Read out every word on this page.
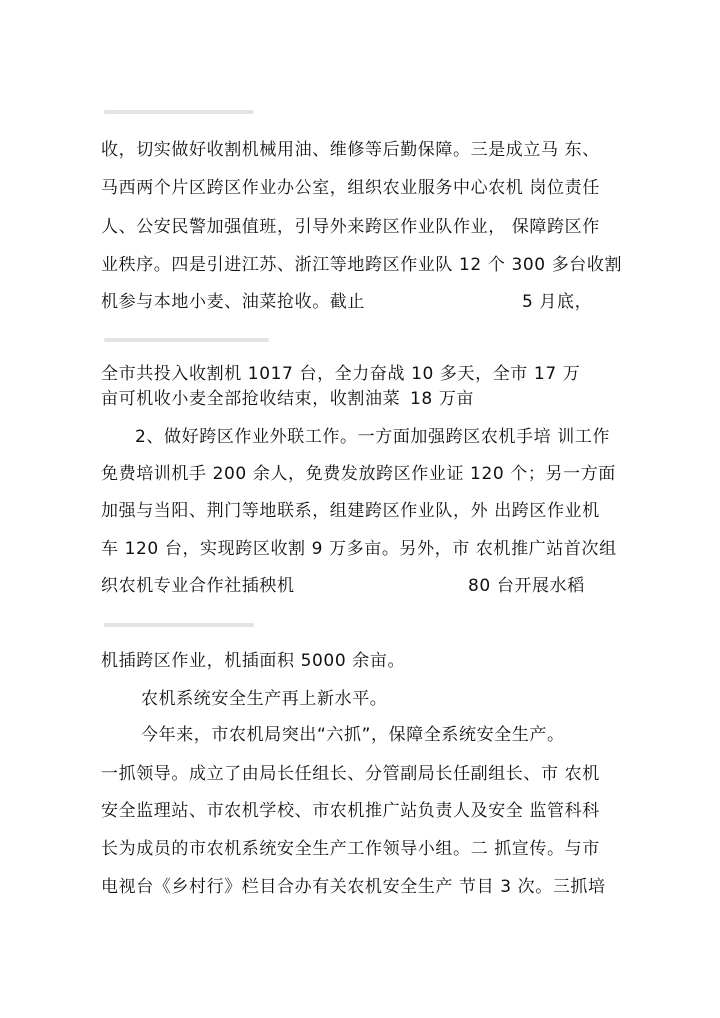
收，切实做好收割机械用油、维修等后勤保障。三是成立马 东、

马西两个片区跨区作业办公室，组织农业服务中心农机 岗位责任

人、公安民警加强值班，引导外来跨区作业队作业， 保障跨区作

业秩序。四是引进江苏、浙江等地跨区作业队 12 个 300 多台收割

机参与本地小麦、油菜抢收。截止

	5 月底，

全市共投入收割机 1017 台，全力奋战 10 多天，全市 17 万

亩可机收小麦全部抢收结束，收割油菜

18 万亩

2、做好跨区作业外联工作。一方面加强跨区农机手培 训工作

免费培训机手 200 余人，免费发放跨区作业证 120 个；另一方面

加强与当阳、荆门等地联系，组建跨区作业队，外 出跨区作业机

车 120 台，实现跨区收割 9 万多亩。另外，市 农机推广站首次组

织农机专业合作社插秧机

	80 台开展水稻

机插跨区作业，机插面积 5000 余亩。

农机系统安全生产再上新水平。

今年来，市农机局突出“六抓”，保障全系统安全生产。

一抓领导。成立了由局长任组长、分管副局长任副组长、市 农机

安全监理站、市农机学校、市农机推广站负责人及安全 监管科科

长为成员的市农机系统安全生产工作领导小组。二 抓宣传。与市

电视台《乡村行》栏目合办有关农机安全生产 节目 3 次。三抓培
